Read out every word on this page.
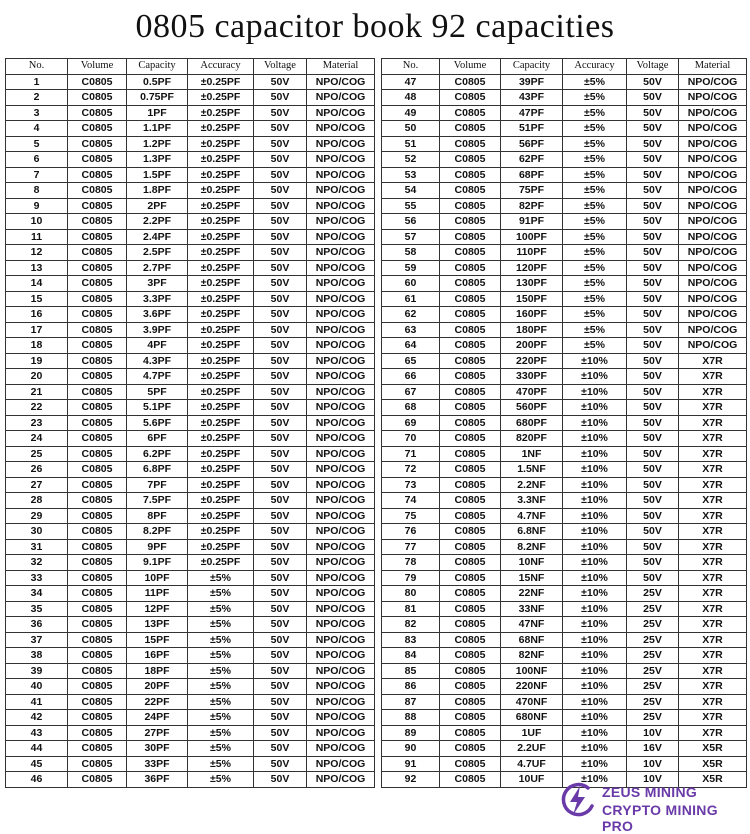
0805 capacitor book 92 capacities
No.	Volume	Capacity	Accuracy	Voltage	Material
1	C0805	0.5PF	±0.25PF	50V	NPO/COG
2	C0805	0.75PF	±0.25PF	50V	NPO/COG
3	C0805	1PF	±0.25PF	50V	NPO/COG
4	C0805	1.1PF	±0.25PF	50V	NPO/COG
5	C0805	1.2PF	±0.25PF	50V	NPO/COG
6	C0805	1.3PF	±0.25PF	50V	NPO/COG
7	C0805	1.5PF	±0.25PF	50V	NPO/COG
8	C0805	1.8PF	±0.25PF	50V	NPO/COG
9	C0805	2PF	±0.25PF	50V	NPO/COG
10	C0805	2.2PF	±0.25PF	50V	NPO/COG
11	C0805	2.4PF	±0.25PF	50V	NPO/COG
12	C0805	2.5PF	±0.25PF	50V	NPO/COG
13	C0805	2.7PF	±0.25PF	50V	NPO/COG
14	C0805	3PF	±0.25PF	50V	NPO/COG
15	C0805	3.3PF	±0.25PF	50V	NPO/COG
16	C0805	3.6PF	±0.25PF	50V	NPO/COG
17	C0805	3.9PF	±0.25PF	50V	NPO/COG
18	C0805	4PF	±0.25PF	50V	NPO/COG
19	C0805	4.3PF	±0.25PF	50V	NPO/COG
20	C0805	4.7PF	±0.25PF	50V	NPO/COG
21	C0805	5PF	±0.25PF	50V	NPO/COG
22	C0805	5.1PF	±0.25PF	50V	NPO/COG
23	C0805	5.6PF	±0.25PF	50V	NPO/COG
24	C0805	6PF	±0.25PF	50V	NPO/COG
25	C0805	6.2PF	±0.25PF	50V	NPO/COG
26	C0805	6.8PF	±0.25PF	50V	NPO/COG
27	C0805	7PF	±0.25PF	50V	NPO/COG
28	C0805	7.5PF	±0.25PF	50V	NPO/COG
29	C0805	8PF	±0.25PF	50V	NPO/COG
30	C0805	8.2PF	±0.25PF	50V	NPO/COG
31	C0805	9PF	±0.25PF	50V	NPO/COG
32	C0805	9.1PF	±0.25PF	50V	NPO/COG
33	C0805	10PF	±5%	50V	NPO/COG
34	C0805	11PF	±5%	50V	NPO/COG
35	C0805	12PF	±5%	50V	NPO/COG
36	C0805	13PF	±5%	50V	NPO/COG
37	C0805	15PF	±5%	50V	NPO/COG
38	C0805	16PF	±5%	50V	NPO/COG
39	C0805	18PF	±5%	50V	NPO/COG
40	C0805	20PF	±5%	50V	NPO/COG
41	C0805	22PF	±5%	50V	NPO/COG
42	C0805	24PF	±5%	50V	NPO/COG
43	C0805	27PF	±5%	50V	NPO/COG
44	C0805	30PF	±5%	50V	NPO/COG
45	C0805	33PF	±5%	50V	NPO/COG
46	C0805	36PF	±5%	50V	NPO/COG
No.	Volume	Capacity	Accuracy	Voltage	Material
47	C0805	39PF	±5%	50V	NPO/COG
48	C0805	43PF	±5%	50V	NPO/COG
49	C0805	47PF	±5%	50V	NPO/COG
50	C0805	51PF	±5%	50V	NPO/COG
51	C0805	56PF	±5%	50V	NPO/COG
52	C0805	62PF	±5%	50V	NPO/COG
53	C0805	68PF	±5%	50V	NPO/COG
54	C0805	75PF	±5%	50V	NPO/COG
55	C0805	82PF	±5%	50V	NPO/COG
56	C0805	91PF	±5%	50V	NPO/COG
57	C0805	100PF	±5%	50V	NPO/COG
58	C0805	110PF	±5%	50V	NPO/COG
59	C0805	120PF	±5%	50V	NPO/COG
60	C0805	130PF	±5%	50V	NPO/COG
61	C0805	150PF	±5%	50V	NPO/COG
62	C0805	160PF	±5%	50V	NPO/COG
63	C0805	180PF	±5%	50V	NPO/COG
64	C0805	200PF	±5%	50V	NPO/COG
65	C0805	220PF	±10%	50V	X7R
66	C0805	330PF	±10%	50V	X7R
67	C0805	470PF	±10%	50V	X7R
68	C0805	560PF	±10%	50V	X7R
69	C0805	680PF	±10%	50V	X7R
70	C0805	820PF	±10%	50V	X7R
71	C0805	1NF	±10%	50V	X7R
72	C0805	1.5NF	±10%	50V	X7R
73	C0805	2.2NF	±10%	50V	X7R
74	C0805	3.3NF	±10%	50V	X7R
75	C0805	4.7NF	±10%	50V	X7R
76	C0805	6.8NF	±10%	50V	X7R
77	C0805	8.2NF	±10%	50V	X7R
78	C0805	10NF	±10%	50V	X7R
79	C0805	15NF	±10%	50V	X7R
80	C0805	22NF	±10%	25V	X7R
81	C0805	33NF	±10%	25V	X7R
82	C0805	47NF	±10%	25V	X7R
83	C0805	68NF	±10%	25V	X7R
84	C0805	82NF	±10%	25V	X7R
85	C0805	100NF	±10%	25V	X7R
86	C0805	220NF	±10%	25V	X7R
87	C0805	470NF	±10%	25V	X7R
88	C0805	680NF	±10%	25V	X7R
89	C0805	1UF	±10%	10V	X7R
90	C0805	2.2UF	±10%	16V	X5R
91	C0805	4.7UF	±10%	10V	X5R
92	C0805	10UF	±10%	10V	X5R
ZEUS MINING
CRYPTO MINING PRO
